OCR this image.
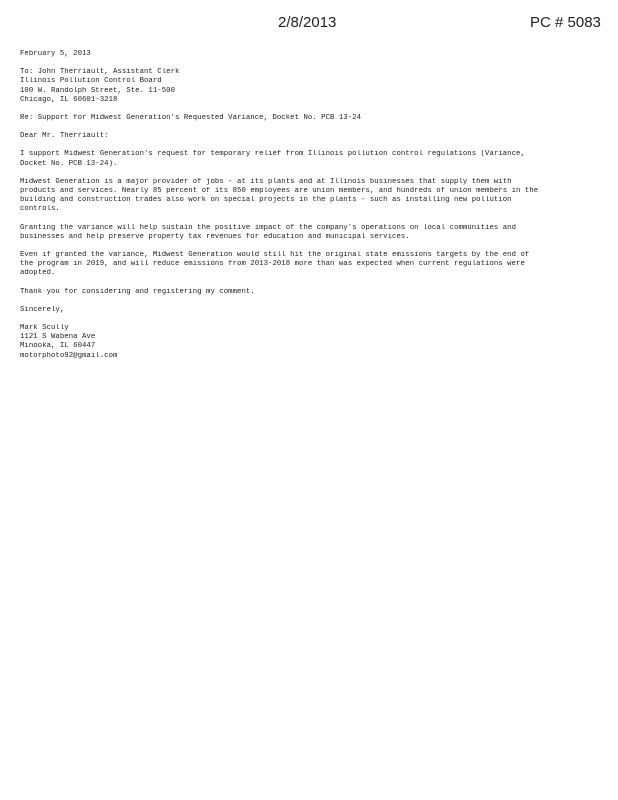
2/8/2013	PC # 5083
February 5, 2013
To: John Therriault, Assistant Clerk
Illinois Pollution Control Board
100 W. Randolph Street, Ste. 11-500
Chicago, IL 60601-3218
Re: Support for Midwest Generation's Requested Variance, Docket No. PCB 13-24
Dear Mr. Therriault:
I support Midwest Generation's request for temporary relief from Illinois pollution control regulations (Variance,
Docket No. PCB 13-24).
Midwest Generation is a major provider of jobs - at its plants and at Illinois businesses that supply them with
products and services. Nearly 85 percent of its 850 employees are union members, and hundreds of union members in the
building and construction trades also work on special projects in the plants - such as installing new pollution
controls.
Granting the variance will help sustain the positive impact of the company's operations on local communities and
businesses and help preserve property tax revenues for education and municipal services.
Even if granted the variance, Midwest Generation would still hit the original state emissions targets by the end of
the program in 2019, and will reduce emissions from 2013-2018 more than was expected when current regulations were
adopted.
Thank you for considering and registering my comment.
Sincerely,
Mark Scully
1121 S Wabena Ave
Minooka, IL 60447
motorphoto92@gmail.com
